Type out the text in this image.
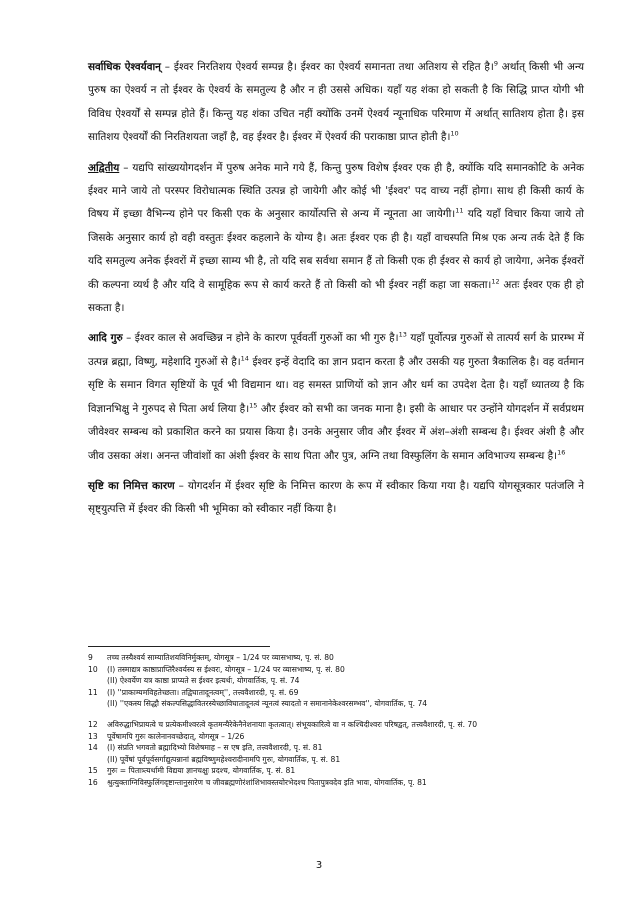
सर्वाधिक ऐश्वर्यवान् – ईश्वर निरतिशय ऐश्वर्य सम्पन्न है। ईश्वर का ऐश्वर्य समानता तथा अतिशय से रहित है।$^9$ अर्थात् किसी भी अन्य पुरुष का ऐश्वर्य न तो ईश्वर के ऐश्वर्य के समतुल्य है और न ही उससे अधिक। यहाँ यह शंका हो सकती है कि सिद्धि प्राप्त योगी भी विविध ऐश्वर्यों से सम्पन्न होते हैं। किन्तु यह शंका उचित नहीं क्योंकि उनमें ऐश्वर्य न्यूनाधिक परिमाण में अर्थात् सातिशय होता है। इस सातिशय ऐश्वर्यों की निरतिशयता जहाँ है, वह ईश्वर है। ईश्वर में ऐश्वर्य की पराकाष्ठा प्राप्त होती है।$^{10}$

अद्वितीय – यद्यपि सांख्ययोगदर्शन में पुरुष अनेक माने गये हैं, किन्तु पुरुष विशेष ईश्वर एक ही है, क्योंकि यदि समानकोटि के अनेक ईश्वर माने जाये तो परस्पर विरोधात्मक स्थिति उत्पन्न हो जायेगी और कोई भी 'ईश्वर' पद वाच्य नहीं होगा। साथ ही किसी कार्य के विषय में इच्छा वैभिन्न्य होने पर किसी एक के अनुसार कार्योत्पत्ति से अन्य में न्यूनता आ जायेगी।$^{11}$ यदि यहाँ विचार किया जाये तो जिसके अनुसार कार्य हो वही वस्तुतः ईश्वर कहलाने के योग्य है। अतः ईश्वर एक ही है। यहाँ वाचस्पति मिश्र एक अन्य तर्क देते हैं कि यदि समतुल्य अनेक ईश्वरों में इच्छा साम्य भी है, तो यदि सब सर्वथा समान हैं तो किसी एक ही ईश्वर से कार्य हो जायेगा, अनेक ईश्वरों की कल्पना व्यर्थ है और यदि वे सामूहिक रूप से कार्य करते हैं तो किसी को भी ईश्वर नहीं कहा जा सकता।$^{12}$ अतः ईश्वर एक ही हो सकता है।

आदि गुरु – ईश्वर काल से अवच्छिन्न न होने के कारण पूर्ववर्ती गुरुओं का भी गुरु है।$^{13}$ यहाँ पूर्वोत्पन्न गुरुओं से तात्पर्य सर्ग के प्रारम्भ में उत्पन्न ब्रह्मा, विष्णु, महेशादि गुरुओं से है।$^{14}$ ईश्वर इन्हें वेदादि का ज्ञान प्रदान करता है और उसकी यह गुरुता त्रैकालिक है। वह वर्तमान सृष्टि के समान विगत सृष्टियों के पूर्व भी विद्यमान था। वह समस्त प्राणियों को ज्ञान और धर्म का उपदेश देता है। यहाँ ध्यातव्य है कि विज्ञानभिक्षु ने गुरुपद से पिता अर्थ लिया है।$^{15}$ और ईश्वर को सभी का जनक माना है। इसी के आधार पर उन्होंने योगदर्शन में सर्वप्रथम जीवेश्वर सम्बन्ध को प्रकाशित करने का प्रयास किया है। उनके अनुसार जीव और ईश्वर में अंश–अंशी सम्बन्ध है। ईश्वर अंशी है और जीव उसका अंश। अनन्त जीवांशों का अंशी ईश्वर के साथ पिता और पुत्र, अग्नि तथा विस्फुलिंग के समान अविभाज्य सम्बन्ध है।$^{16}$

सृष्टि का निमित्त कारण – योगदर्शन में ईश्वर सृष्टि के निमित्त कारण के रूप में स्वीकार किया गया है। यद्यपि योगसूत्रकार पतंजलि ने सृष्ट्युत्पत्ति में ईश्वर की किसी भी भूमिका को स्वीकार नहीं किया है।

9	तच्च तस्यैश्वर्य साम्यातिशयविनिर्मुक्तम्, योगसूत्र – 1/24 पर व्यासभाष्य, पृ. सं. 80
10	(I) तस्माद्यत्र काष्ठाप्राप्तिरैश्वर्यस्य स ईश्वरः, योगसूत्र – 1/24 पर व्यासभाष्य, पृ. सं. 80
(II) ऐश्वर्येण यत्र काष्ठा प्राप्यते स ईश्वर इत्यर्थः, योगवार्तिक, पृ. सं. 74
11	(I) ''प्राकाम्यमविहतेच्छता। तद्विघातादूनत्वम्'', तत्त्ववैशारदी, पृ. सं. 69
(II) ''एकस्य सिद्धौ संकल्पसिद्धावितरस्येच्छाविघातादूनत्वं न्यूनत्वं स्यादतो न समानानेकेश्वरसम्भव'', योगवार्तिक, पृ. 74
12	अविरुद्धाभिप्रायत्वे च प्रत्येकमीश्वरत्वे कृतमन्यैरेकेनैनेशनायाः कृतत्वात्। संभूयकारित्वे वा न कश्चिदीश्वरः परिषद्वत्, तत्त्ववैशारदी, पृ. सं. 70
13	पूर्वेषामपि गुरुः कालेनानवच्छेदात्, योगसूत्र – 1/26
14	(I) संप्रति भगवतो ब्रह्मादिभ्यो विशेषमाह – स एष इति, तत्त्ववैशारदी, पृ. सं. 81
(II) पूर्वेषां पूर्वपूर्वसर्गाद्युत्पन्नानां ब्रह्मविष्णुमहेश्वरादीनामपि गुरुः, योगवार्तिक, पृ. सं. 81
15	गुरुः = पितात्र्त्यर्थामी विद्यया ज्ञानचक्षुः प्रदश्च, योगवार्तिक, पृ. सं. 81
16	श्रुत्युक्ताग्निविस्फुलिंगदृष्टान्तानुसारेण च जीवब्रह्मणोरंशांशिभावस्तयोरभेदश्च पितापुत्रवदेव इति भावः, योगवार्तिक, पृ. 81
3
